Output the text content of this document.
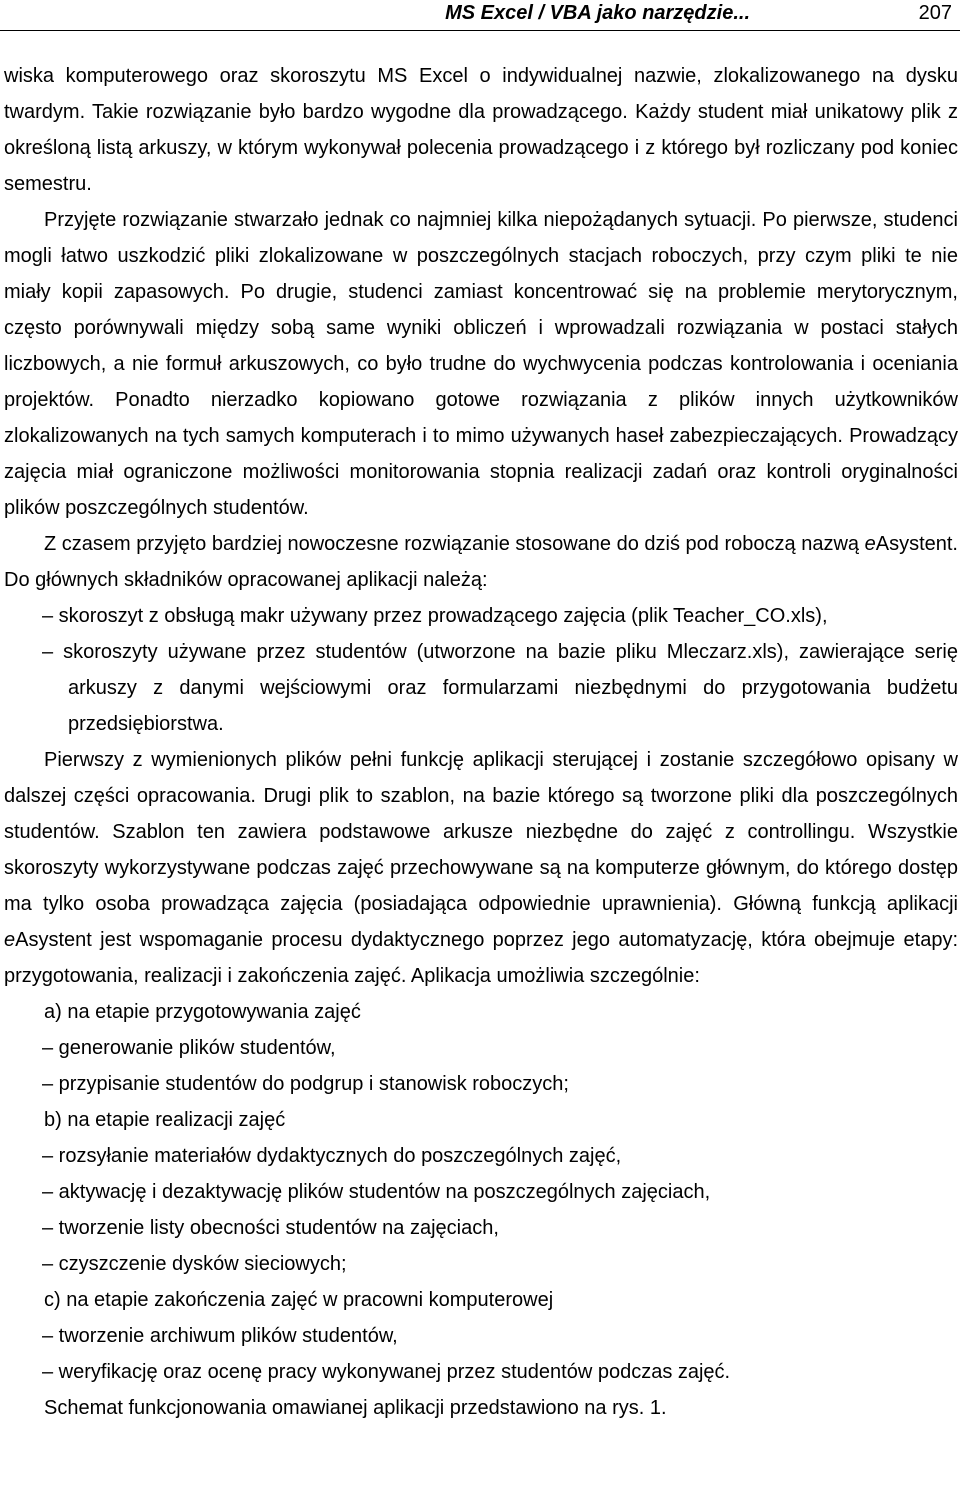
MS Excel / VBA jako narzędzie...	207

wiska komputerowego oraz skoroszytu MS Excel o indywidualnej nazwie, zlokalizowanego na dysku twardym. Takie rozwiązanie było bardzo wygodne dla prowadzącego. Każdy student miał unikatowy plik z określoną listą arkuszy, w którym wykonywał polecenia prowadzącego i z którego był rozliczany pod koniec semestru.

Przyjęte rozwiązanie stwarzało jednak co najmniej kilka niepożądanych sytuacji. Po pierwsze, studenci mogli łatwo uszkodzić pliki zlokalizowane w poszczególnych stacjach roboczych, przy czym pliki te nie miały kopii zapasowych. Po drugie, studenci zamiast koncentrować się na problemie merytorycznym, często porównywali między sobą same wyniki obliczeń i wprowadzali rozwiązania w postaci stałych liczbowych, a nie formuł arkuszowych, co było trudne do wychwycenia podczas kontrolowania i oceniania projektów. Ponadto nierzadko kopiowano gotowe rozwiązania z plików innych użytkowników zlokalizowanych na tych samych komputerach i to mimo używanych haseł zabezpieczających. Prowadzący zajęcia miał ograniczone możliwości monitorowania stopnia realizacji zadań oraz kontroli oryginalności plików poszczególnych studentów.

Z czasem przyjęto bardziej nowoczesne rozwiązanie stosowane do dziś pod roboczą nazwą eAsystent. Do głównych składników opracowanej aplikacji należą:

– skoroszyt z obsługą makr używany przez prowadzącego zajęcia (plik Teacher_CO.xls),

– skoroszyty używane przez studentów (utworzone na bazie pliku Mleczarz.xls), zawierające serię arkuszy z danymi wejściowymi oraz formularzami niezbędnymi do przygotowania budżetu przedsiębiorstwa.

Pierwszy z wymienionych plików pełni funkcję aplikacji sterującej i zostanie szczegółowo opisany w dalszej części opracowania. Drugi plik to szablon, na bazie którego są tworzone pliki dla poszczególnych studentów. Szablon ten zawiera podstawowe arkusze niezbędne do zajęć z controllingu. Wszystkie skoroszyty wykorzystywane podczas zajęć przechowywane są na komputerze głównym, do którego dostęp ma tylko osoba prowadząca zajęcia (posiadająca odpowiednie uprawnienia). Główną funkcją aplikacji eAsystent jest wspomaganie procesu dydaktycznego poprzez jego automatyzację, która obejmuje etapy: przygotowania, realizacji i zakończenia zajęć. Aplikacja umożliwia szczególnie:

a) na etapie przygotowywania zajęć

– generowanie plików studentów,

– przypisanie studentów do podgrup i stanowisk roboczych;

b) na etapie realizacji zajęć

– rozsyłanie materiałów dydaktycznych do poszczególnych zajęć,

– aktywację i dezaktywację plików studentów na poszczególnych zajęciach,

– tworzenie listy obecności studentów na zajęciach,

– czyszczenie dysków sieciowych;

c) na etapie zakończenia zajęć w pracowni komputerowej

– tworzenie archiwum plików studentów,

– weryfikację oraz ocenę pracy wykonywanej przez studentów podczas zajęć.

Schemat funkcjonowania omawianej aplikacji przedstawiono na rys. 1.
